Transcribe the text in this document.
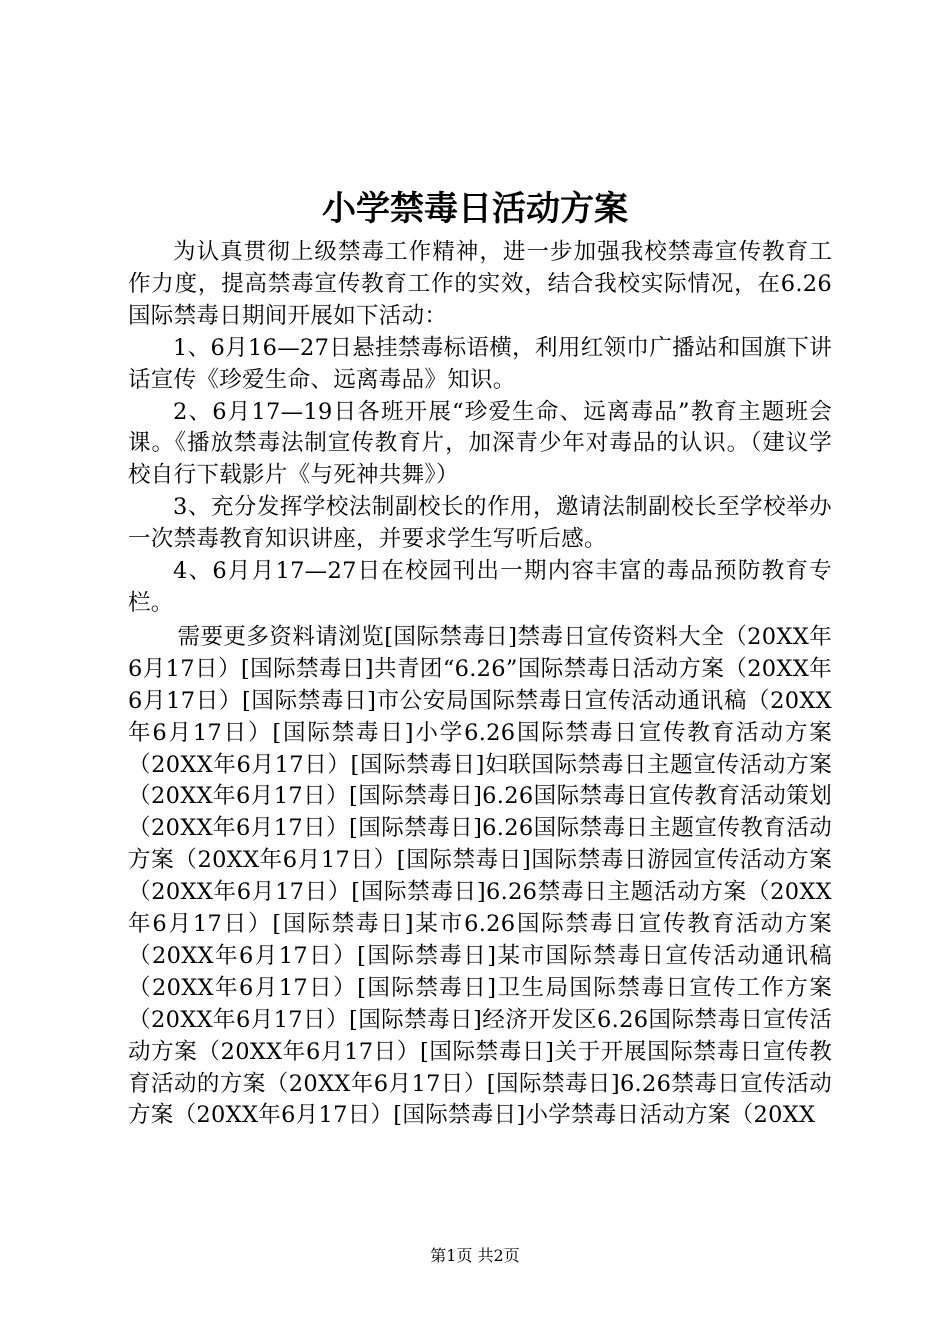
小学禁毒日活动方案

为认真贯彻上级禁毒工作精神，进一步加强我校禁毒宣传教育工作力度，提高禁毒宣传教育工作的实效，结合我校实际情况，在6.26国际禁毒日期间开展如下活动：

1、6月16—27日悬挂禁毒标语横，利用红领巾广播站和国旗下讲话宣传《珍爱生命、远离毒品》知识。

2、6月17—19日各班开展“珍爱生命、远离毒品”教育主题班会课。《播放禁毒法制宣传教育片，加深青少年对毒品的认识。（建议学校自行下载影片《与死神共舞》）

3、充分发挥学校法制副校长的作用，邀请法制副校长至学校举办一次禁毒教育知识讲座，并要求学生写听后感。

4、6月月17—27日在校园刊出一期内容丰富的毒品预防教育专栏。

需要更多资料请浏览[国际禁毒日]禁毒日宣传资料大全（20XX年6月17日）[国际禁毒日]共青团“6.26”国际禁毒日活动方案（20XX年6月17日）[国际禁毒日]市公安局国际禁毒日宣传活动通讯稿（20XX年6月17日）[国际禁毒日]小学6.26国际禁毒日宣传教育活动方案（20XX年6月17日）[国际禁毒日]妇联国际禁毒日主题宣传活动方案（20XX年6月17日）[国际禁毒日]6.26国际禁毒日宣传教育活动策划（20XX年6月17日）[国际禁毒日]6.26国际禁毒日主题宣传教育活动方案（20XX年6月17日）[国际禁毒日]国际禁毒日游园宣传活动方案（20XX年6月17日）[国际禁毒日]6.26禁毒日主题活动方案（20XX年6月17日）[国际禁毒日]某市6.26国际禁毒日宣传教育活动方案（20XX年6月17日）[国际禁毒日]某市国际禁毒日宣传活动通讯稿（20XX年6月17日）[国际禁毒日]卫生局国际禁毒日宣传工作方案（20XX年6月17日）[国际禁毒日]经济开发区6.26国际禁毒日宣传活动方案（20XX年6月17日）[国际禁毒日]关于开展国际禁毒日宣传教育活动的方案（20XX年6月17日）[国际禁毒日]6.26禁毒日宣传活动方案（20XX年6月17日）[国际禁毒日]小学禁毒日活动方案（20XX

第1页 共2页
